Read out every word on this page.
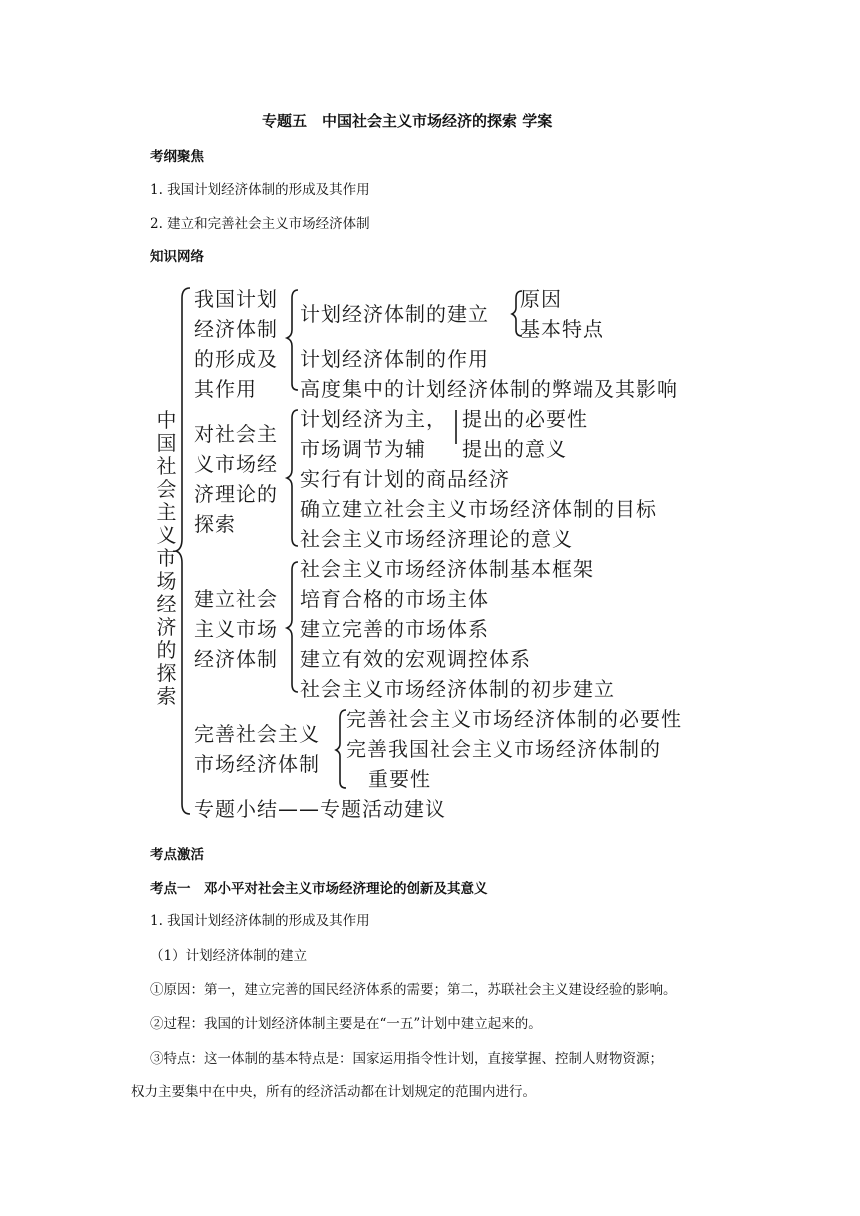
专题五　中国社会主义市场经济的探索 学案
考纲聚焦
1. 我国计划经济体制的形成及其作用
2. 建立和完善社会主义市场经济体制
知识网络
中
国
社
会
主
义
市
场
经
济
的
探
索
我国计划
经济体制
的形成及
其作用
计划经济体制的建立
计划经济体制的作用
高度集中的计划经济体制的弊端及其影响
原因
基本特点
对社会主
义市场经
济理论的
探索
计划经济为主，
市场调节为辅
实行有计划的商品经济
确立建立社会主义市场经济体制的目标
社会主义市场经济理论的意义
提出的必要性
提出的意义
建立社会
主义市场
经济体制
社会主义市场经济体制基本框架
培育合格的市场主体
建立完善的市场体系
建立有效的宏观调控体系
社会主义市场经济体制的初步建立
完善社会主义
市场经济体制
完善社会主义市场经济体制的必要性
完善我国社会主义市场经济体制的
重要性
专题小结——专题活动建议
考点激活
考点一　邓小平对社会主义市场经济理论的创新及其意义
1. 我国计划经济体制的形成及其作用
（1）计划经济体制的建立
①原因：第一，建立完善的国民经济体系的需要；第二，苏联社会主义建设经验的影响。
②过程：我国的计划经济体制主要是在“一五”计划中建立起来的。
③特点：这一体制的基本特点是：国家运用指令性计划，直接掌握、控制人财物资源；
权力主要集中在中央，所有的经济活动都在计划规定的范围内进行。
